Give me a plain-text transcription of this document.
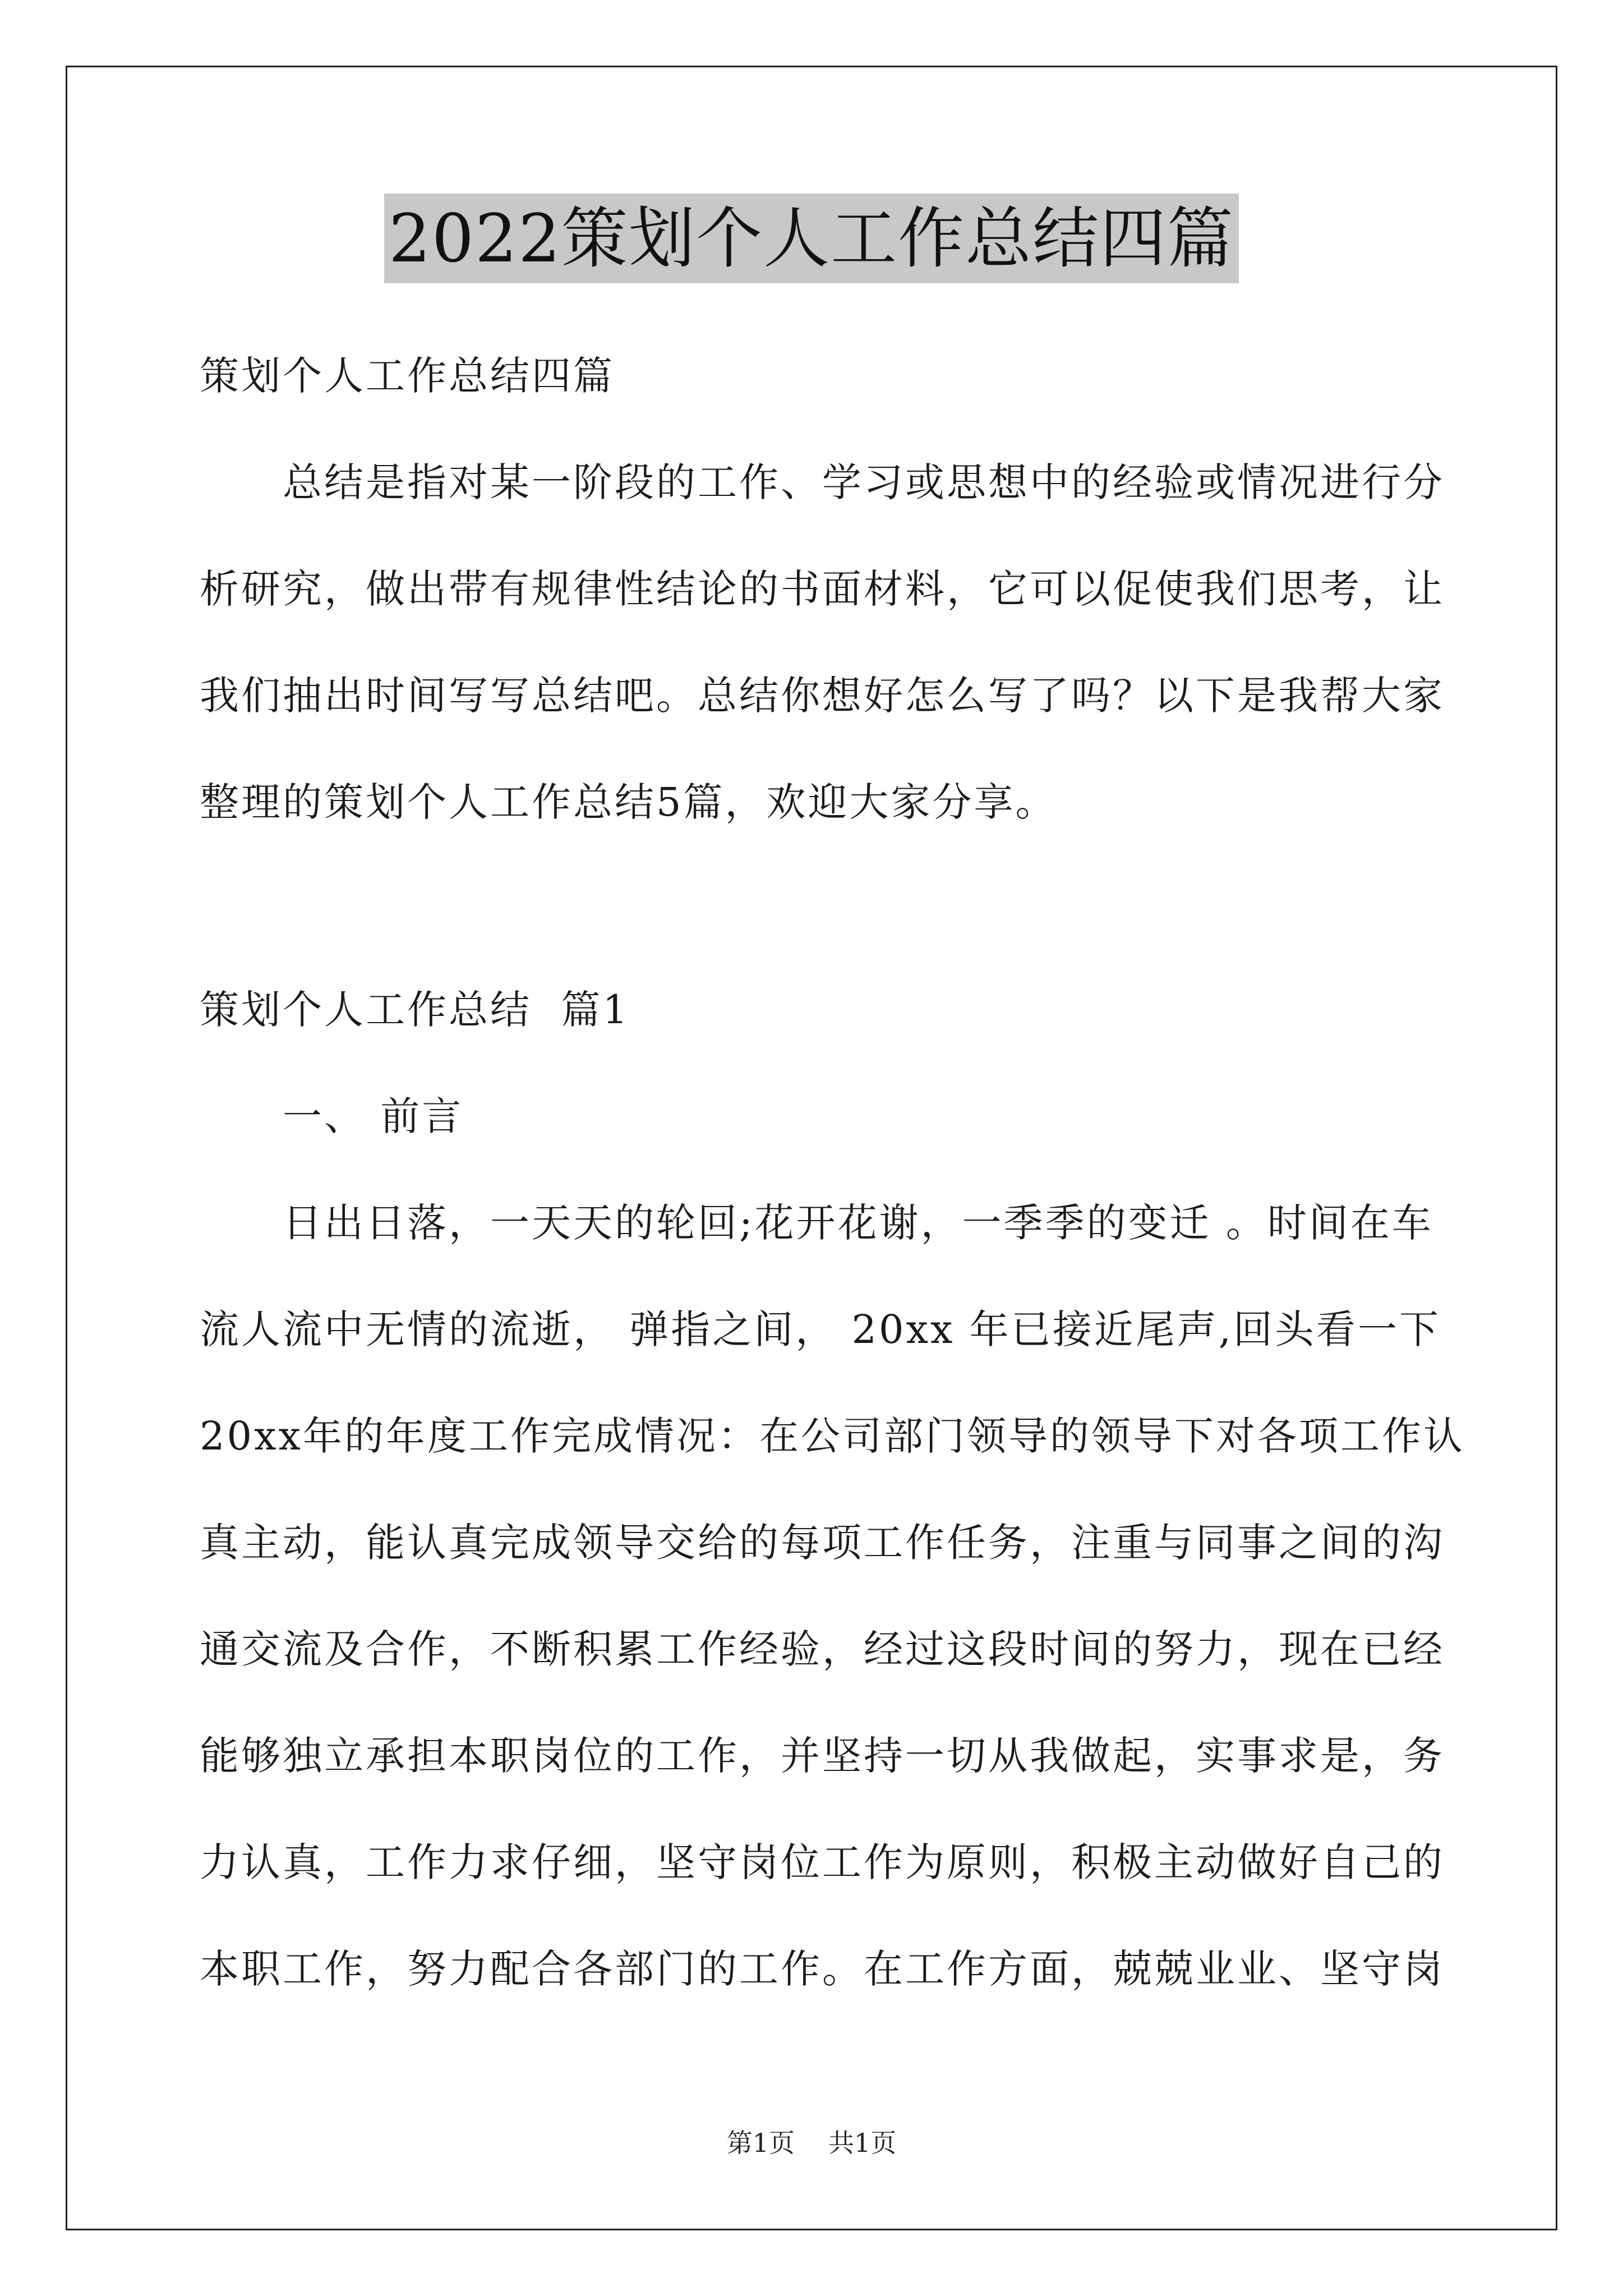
2022策划个人工作总结四篇
策划个人工作总结四篇
总结是指对某一阶段的工作、学习或思想中的经验或情况进行分
析研究，做出带有规律性结论的书面材料，它可以促使我们思考，让
我们抽出时间写写总结吧。总结你想好怎么写了吗？以下是我帮大家
整理的策划个人工作总结5篇，欢迎大家分享。
策划个人工作总结  篇1
一、 前言
日出日落，一天天的轮回;花开花谢，一季季的变迁 。时间在车
流人流中无情的流逝， 弹指之间， 20xx 年已接近尾声,回头看一下
20xx年的年度工作完成情况：在公司部门领导的领导下对各项工作认
真主动，能认真完成领导交给的每项工作任务，注重与同事之间的沟
通交流及合作，不断积累工作经验，经过这段时间的努力，现在已经
能够独立承担本职岗位的工作，并坚持一切从我做起，实事求是，务
力认真，工作力求仔细，坚守岗位工作为原则，积极主动做好自己的
本职工作，努力配合各部门的工作。在工作方面，兢兢业业、坚守岗
第1页 共1页
